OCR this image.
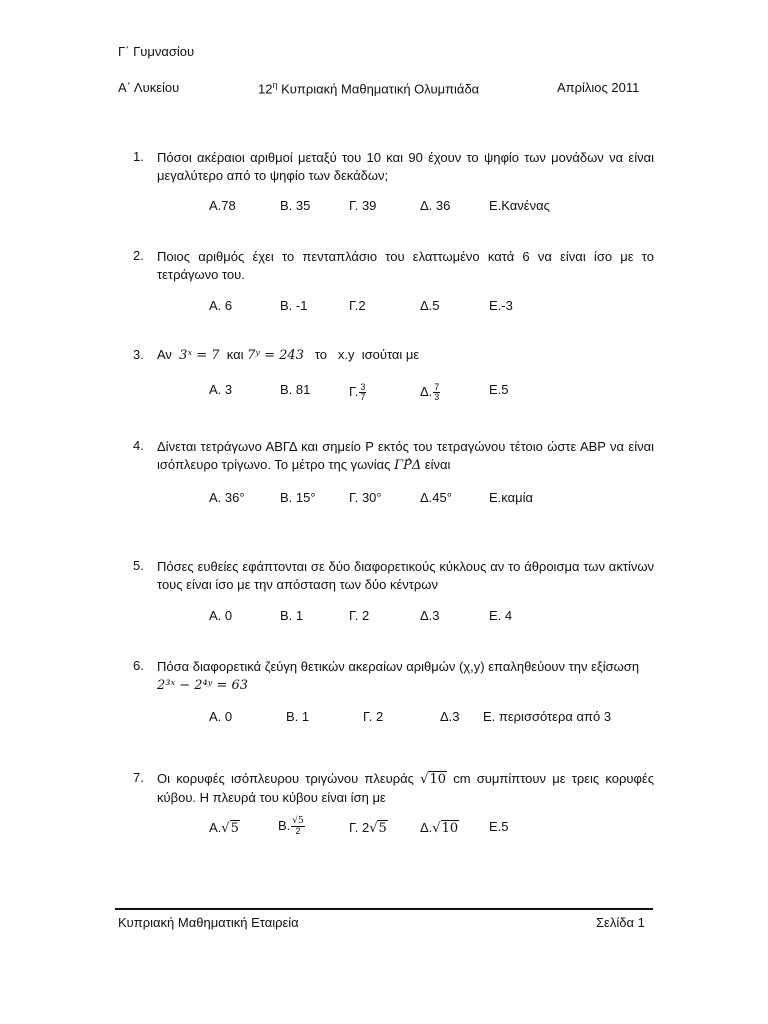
Γ΄ Γυμνασίου
Α΄ Λυκείου	$12^\eta$ Κυπριακή Μαθηματική Ολυμπιάδα	Απρίλιος 2011
1.	Πόσοι ακέραιοι αριθμοί μεταξύ του 10 και 90 έχουν το ψηφίο των μονάδων να είναι μεγαλύτερο από το ψηφίο των δεκάδων;
Α.78	Β. 35	Γ. 39	Δ. 36	Ε.Κανένας
2.	Ποιος αριθμός έχει το πενταπλάσιο του ελαττωμένο κατά 6 να είναι ίσο με το τετράγωνο του.
Α. 6	Β. -1	Γ.2	Δ.5	Ε.-3
3.	Αν 3ˣ = 7 και 7ʸ = 243 το x.y ισούται με
Α. 3	Β. 81	Γ. $\frac{3}{7}$	Δ. $\frac{7}{3}$	Ε.5
4.	Δίνεται τετράγωνο ΑΒΓΔ και σημείο Ρ εκτός του τετραγώνου τέτοιο ώστε ΑΒΡ να είναι ισόπλευρο τρίγωνο. Το μέτρο της γωνίας ΓΡ̂Δ είναι
Α. 36°	Β. 15°	Γ. 30°	Δ.45°	Ε.καμία
5.	Πόσες ευθείες εφάπτονται σε δύο διαφορετικούς κύκλους αν το άθροισμα των ακτίνων τους είναι ίσο με την απόσταση των δύο κέντρων
Α. 0	Β. 1	Γ. 2	Δ.3	Ε. 4
6.	Πόσα διαφορετικά ζεύγη θετικών ακεραίων αριθμών (χ,y) επαληθεύουν την εξίσωση
2³ˣ − 2⁴ʸ = 63
Α. 0	Β. 1	Γ. 2	Δ.3 Ε. περισσότερα από 3
7.	Οι κορυφές ισόπλευρου τριγώνου πλευράς √10 cm συμπίπτουν με τρεις κορυφές κύβου. Η πλευρά του κύβου είναι ίση με
Α.√5	Β. $\frac{√5}{2}$	Γ. 2√5	Δ.√10 Ε.5
Κυπριακή Μαθηματική Εταιρεία	Σελίδα 1
